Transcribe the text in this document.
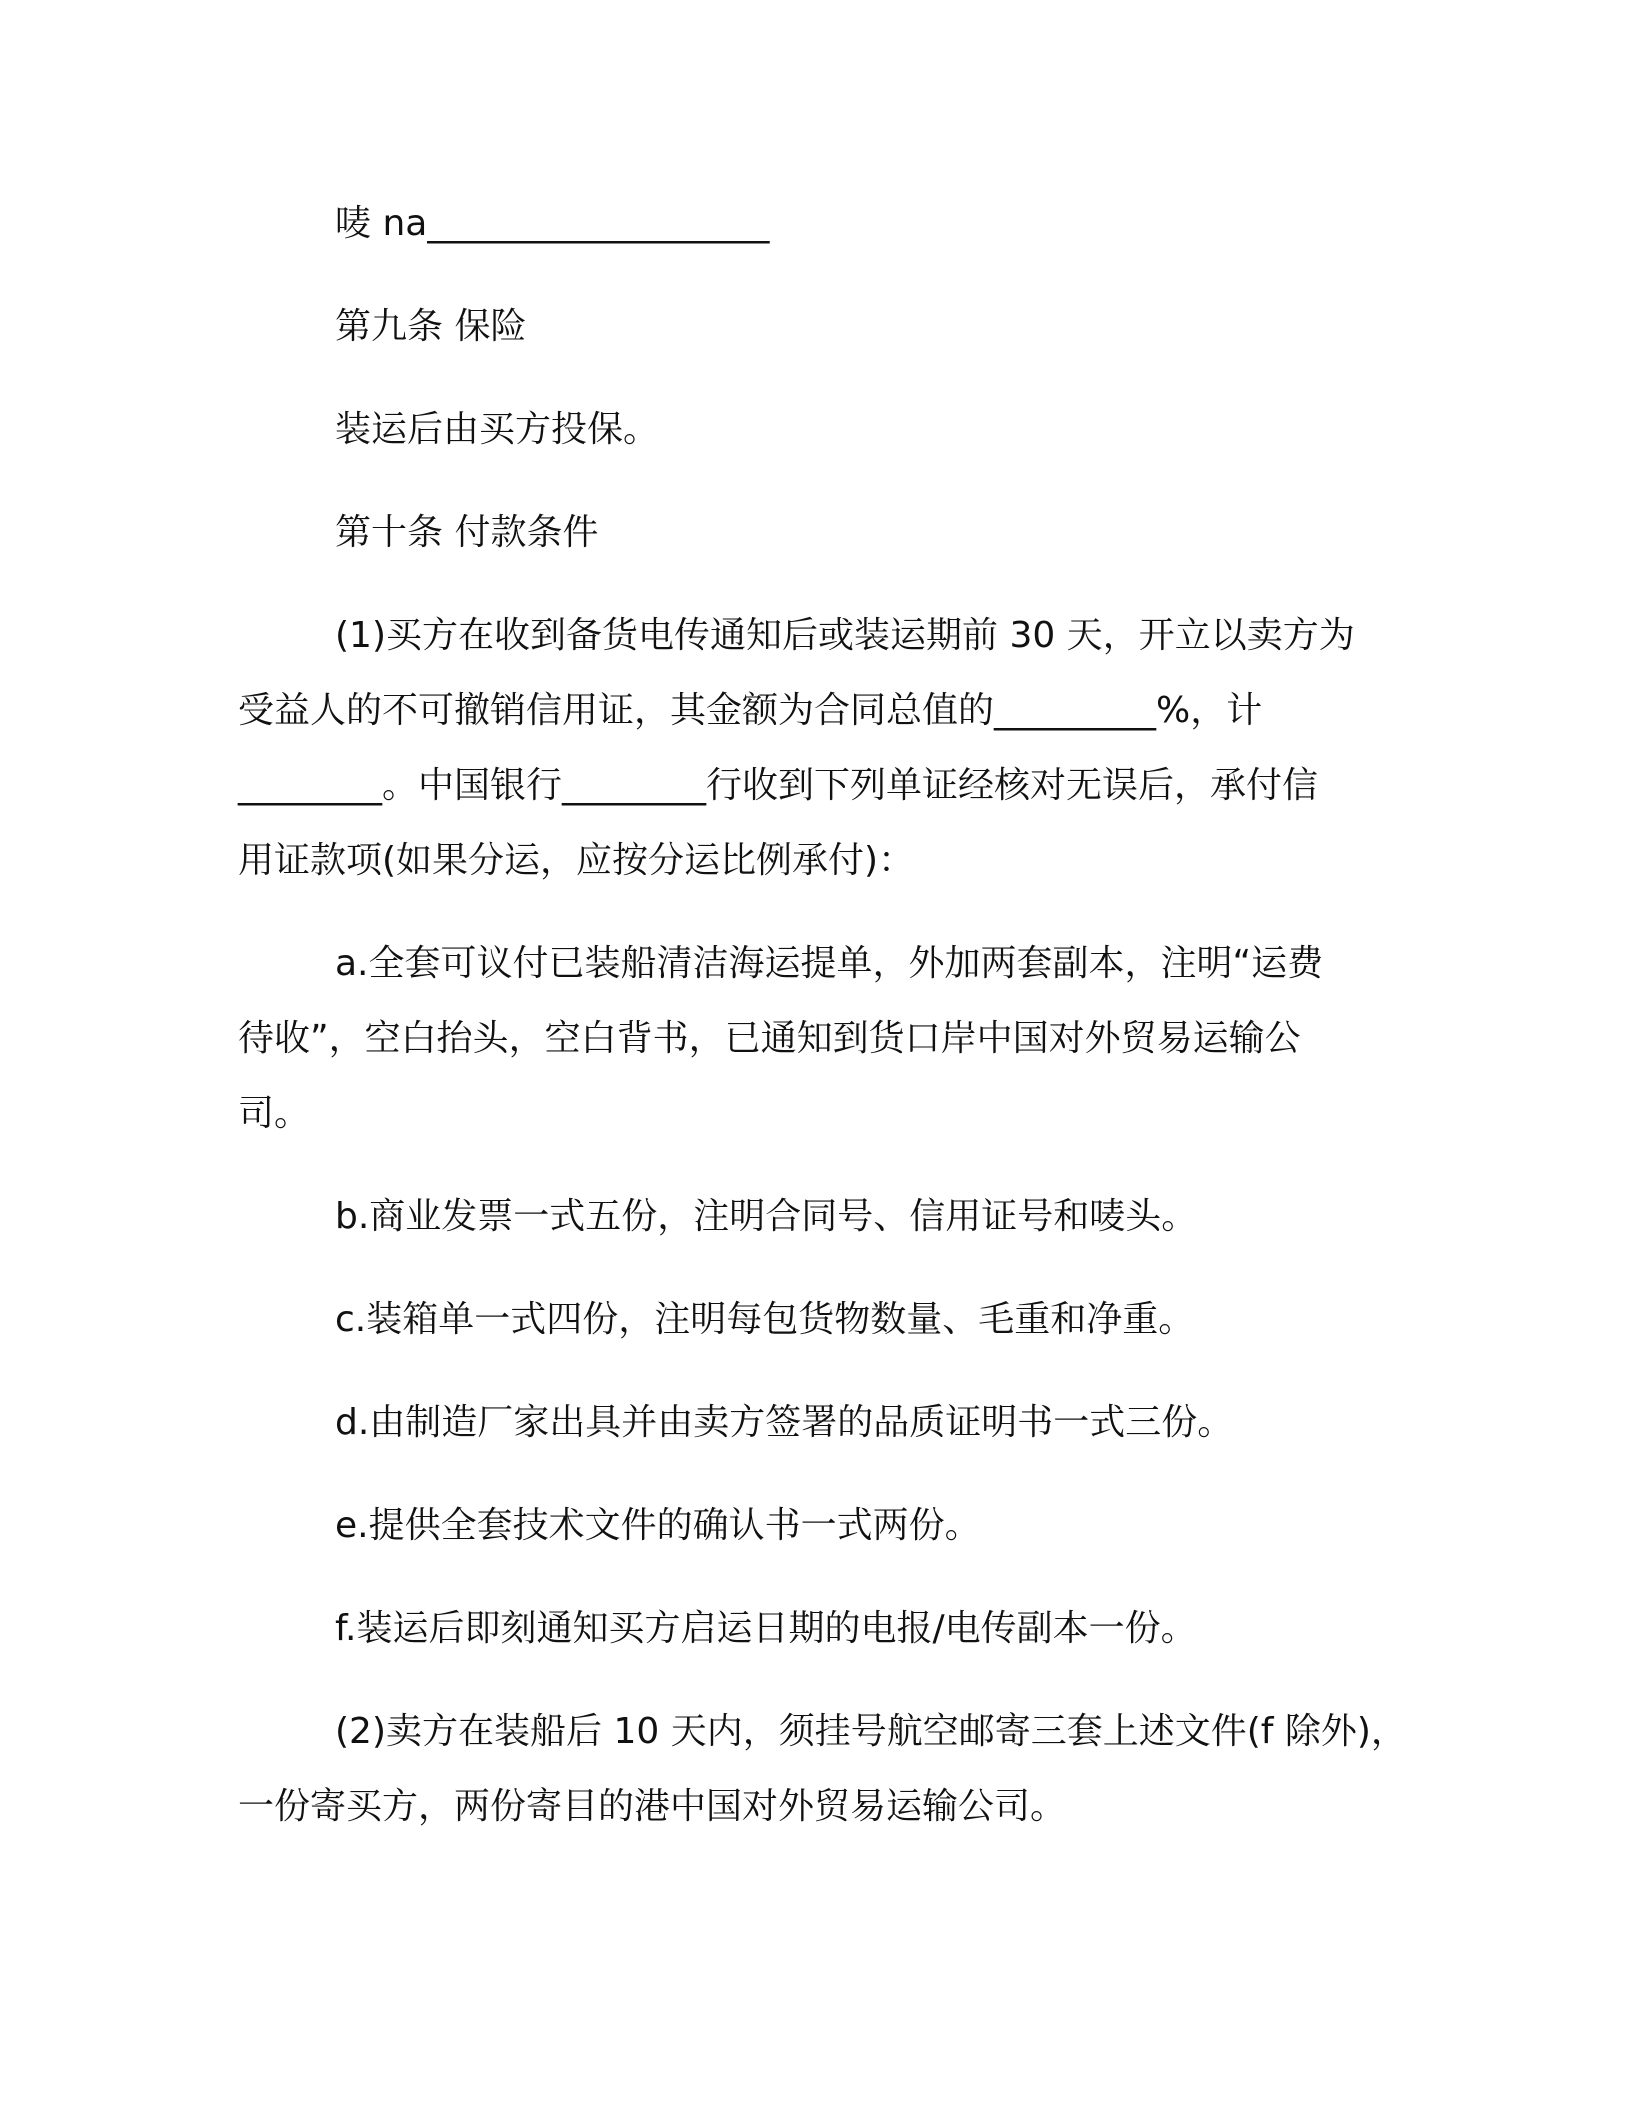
唛 na___________________

第九条 保险

装运后由买方投保。

第十条 付款条件

(1)买方在收到备货电传通知后或装运期前 30 天，开立以卖方为

受益人的不可撤销信用证，其金额为合同总值的_________%，计

________。中国银行________行收到下列单证经核对无误后，承付信

用证款项(如果分运，应按分运比例承付)：

a.全套可议付已装船清洁海运提单，外加两套副本，注明“运费

待收”，空白抬头，空白背书，已通知到货口岸中国对外贸易运输公

司。

b.商业发票一式五份，注明合同号、信用证号和唛头。

c.装箱单一式四份，注明每包货物数量、毛重和净重。

d.由制造厂家出具并由卖方签署的品质证明书一式三份。

e.提供全套技术文件的确认书一式两份。

f.装运后即刻通知买方启运日期的电报/电传副本一份。

(2)卖方在装船后 10 天内，须挂号航空邮寄三套上述文件(f 除外)，

一份寄买方，两份寄目的港中国对外贸易运输公司。
